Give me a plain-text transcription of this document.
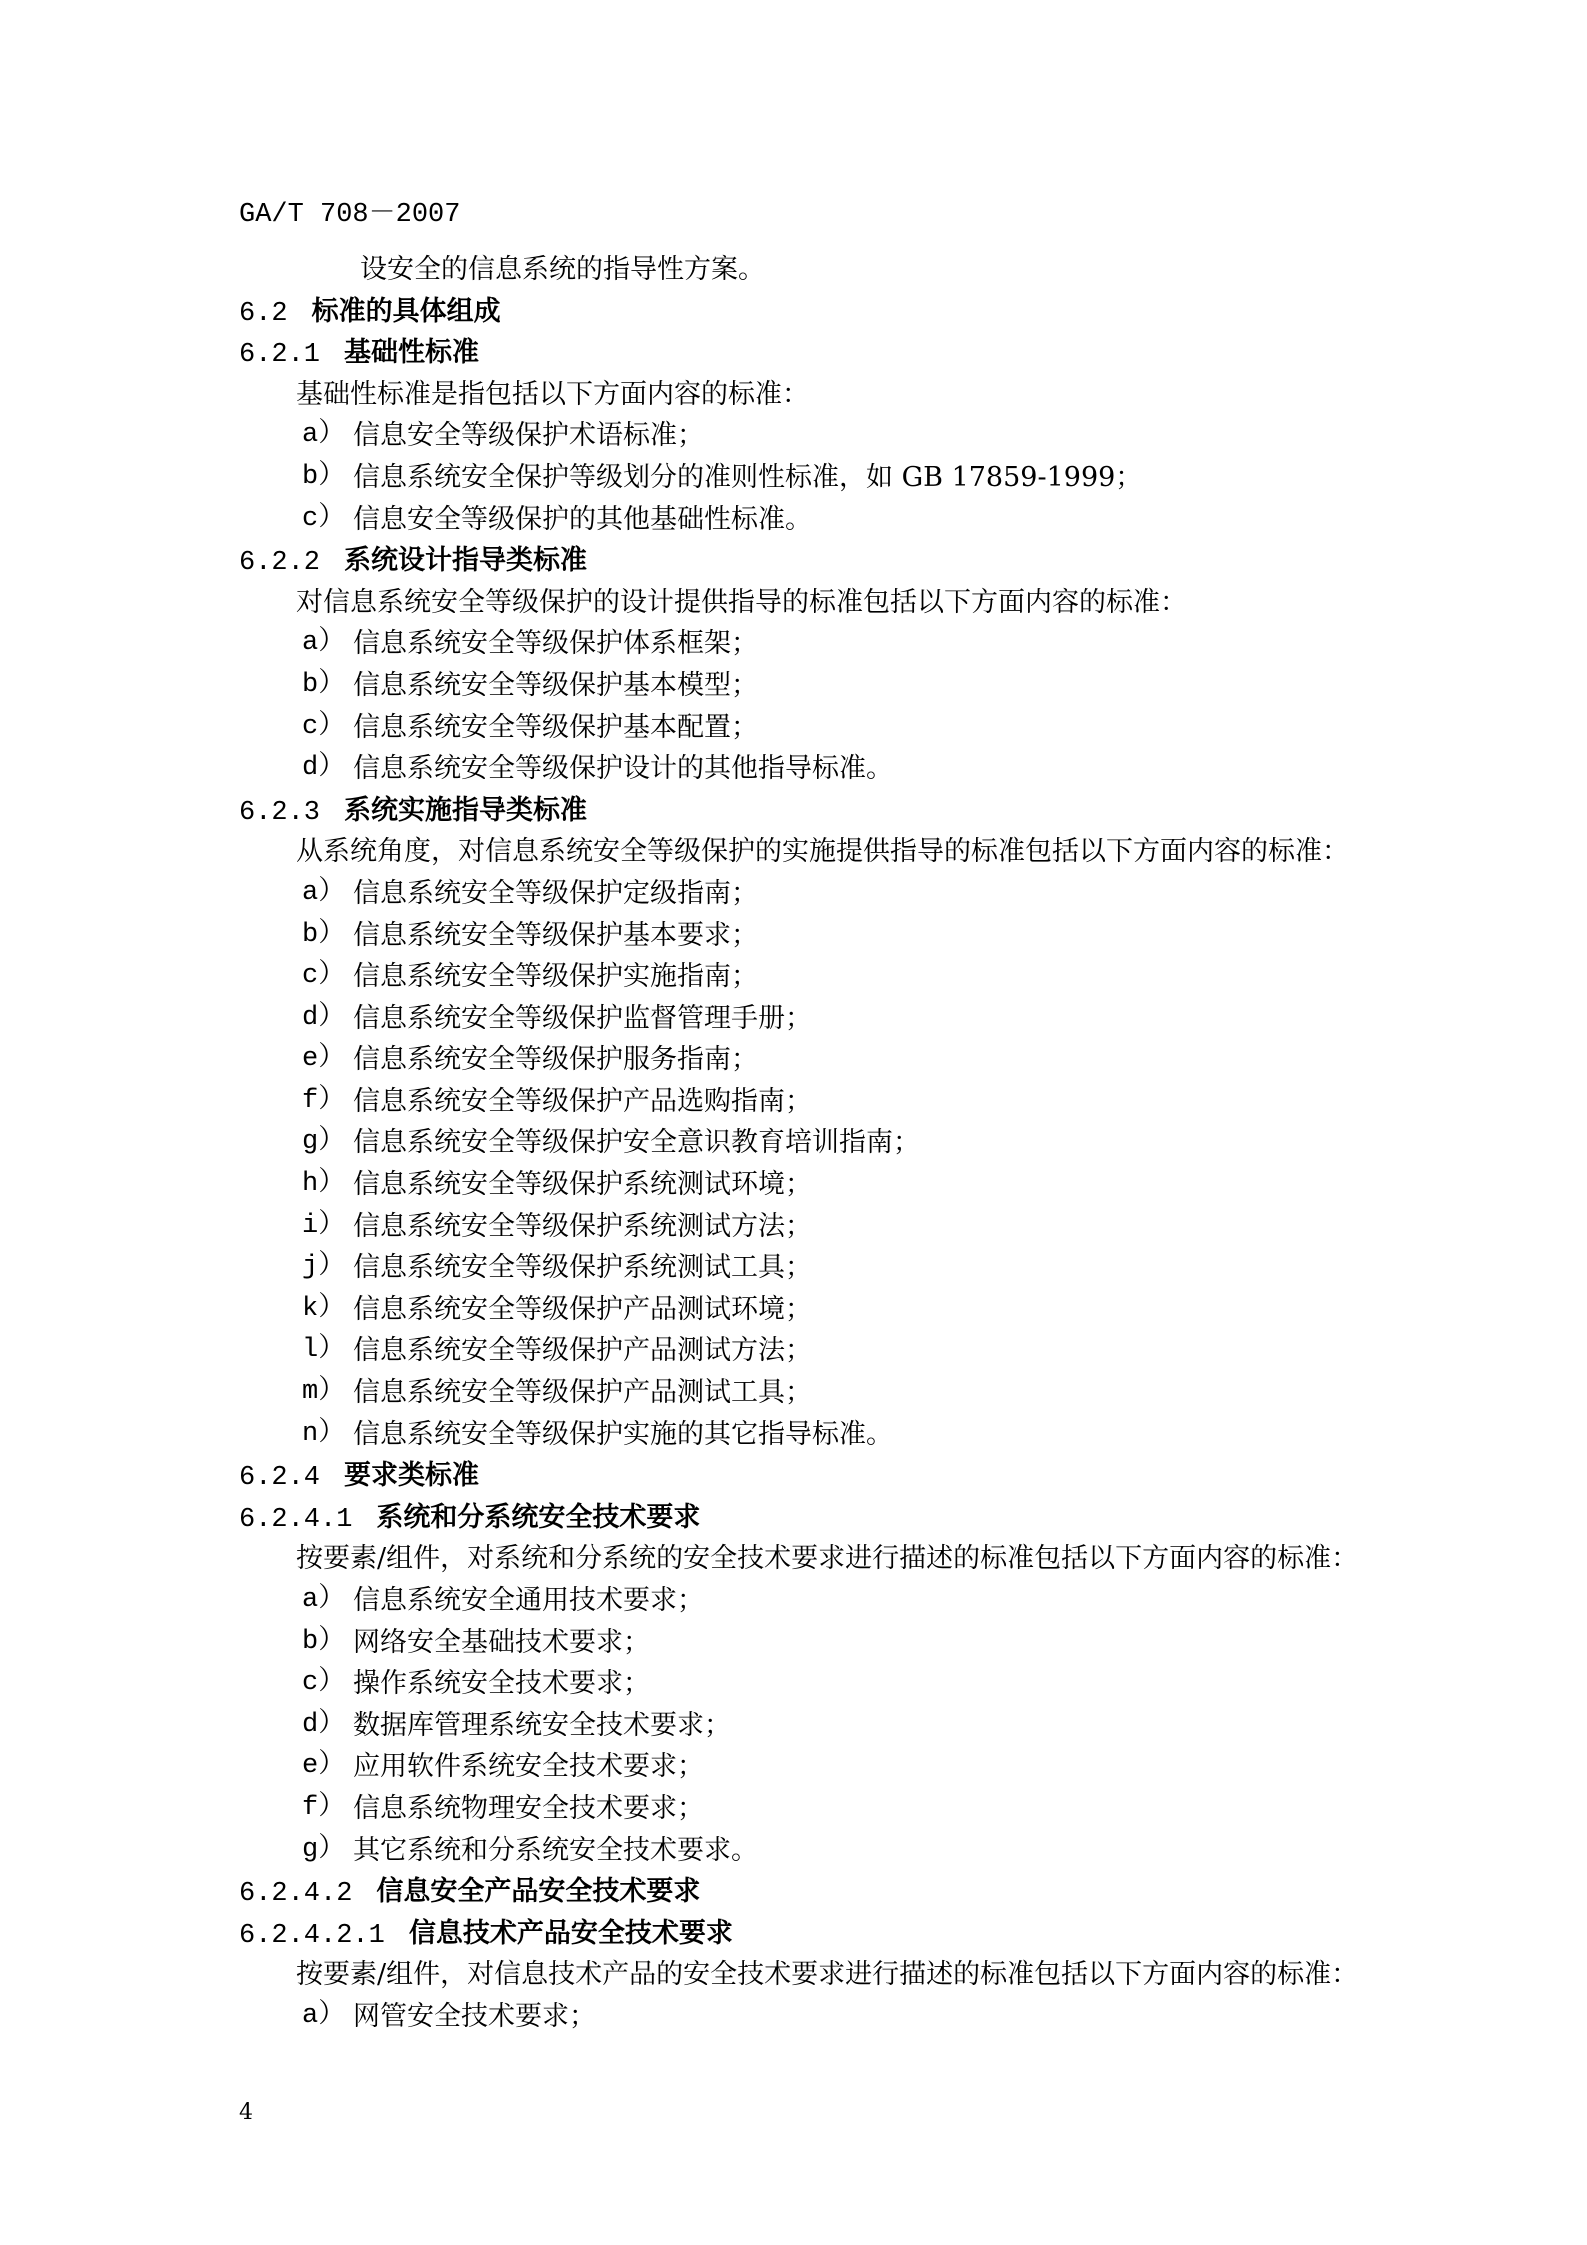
GA/T 708－2007
设安全的信息系统的指导性方案。
6.2 标准的具体组成
6.2.1 基础性标准
基础性标准是指包括以下方面内容的标准：
a） 信息安全等级保护术语标准；
b） 信息系统安全保护等级划分的准则性标准，如 GB 17859-1999；
c） 信息安全等级保护的其他基础性标准。
6.2.2 系统设计指导类标准
对信息系统安全等级保护的设计提供指导的标准包括以下方面内容的标准：
a） 信息系统安全等级保护体系框架；
b） 信息系统安全等级保护基本模型；
c） 信息系统安全等级保护基本配置；
d） 信息系统安全等级保护设计的其他指导标准。
6.2.3 系统实施指导类标准
从系统角度，对信息系统安全等级保护的实施提供指导的标准包括以下方面内容的标准：
a） 信息系统安全等级保护定级指南；
b） 信息系统安全等级保护基本要求；
c） 信息系统安全等级保护实施指南；
d） 信息系统安全等级保护监督管理手册；
e） 信息系统安全等级保护服务指南；
f） 信息系统安全等级保护产品选购指南；
g） 信息系统安全等级保护安全意识教育培训指南；
h） 信息系统安全等级保护系统测试环境；
i） 信息系统安全等级保护系统测试方法；
j） 信息系统安全等级保护系统测试工具；
k） 信息系统安全等级保护产品测试环境；
l） 信息系统安全等级保护产品测试方法；
m） 信息系统安全等级保护产品测试工具；
n） 信息系统安全等级保护实施的其它指导标准。
6.2.4 要求类标准
6.2.4.1 系统和分系统安全技术要求
按要素/组件，对系统和分系统的安全技术要求进行描述的标准包括以下方面内容的标准：
a） 信息系统安全通用技术要求；
b） 网络安全基础技术要求；
c） 操作系统安全技术要求；
d） 数据库管理系统安全技术要求；
e） 应用软件系统安全技术要求；
f） 信息系统物理安全技术要求；
g） 其它系统和分系统安全技术要求。
6.2.4.2 信息安全产品安全技术要求
6.2.4.2.1 信息技术产品安全技术要求
按要素/组件，对信息技术产品的安全技术要求进行描述的标准包括以下方面内容的标准：
a） 网管安全技术要求；
4
